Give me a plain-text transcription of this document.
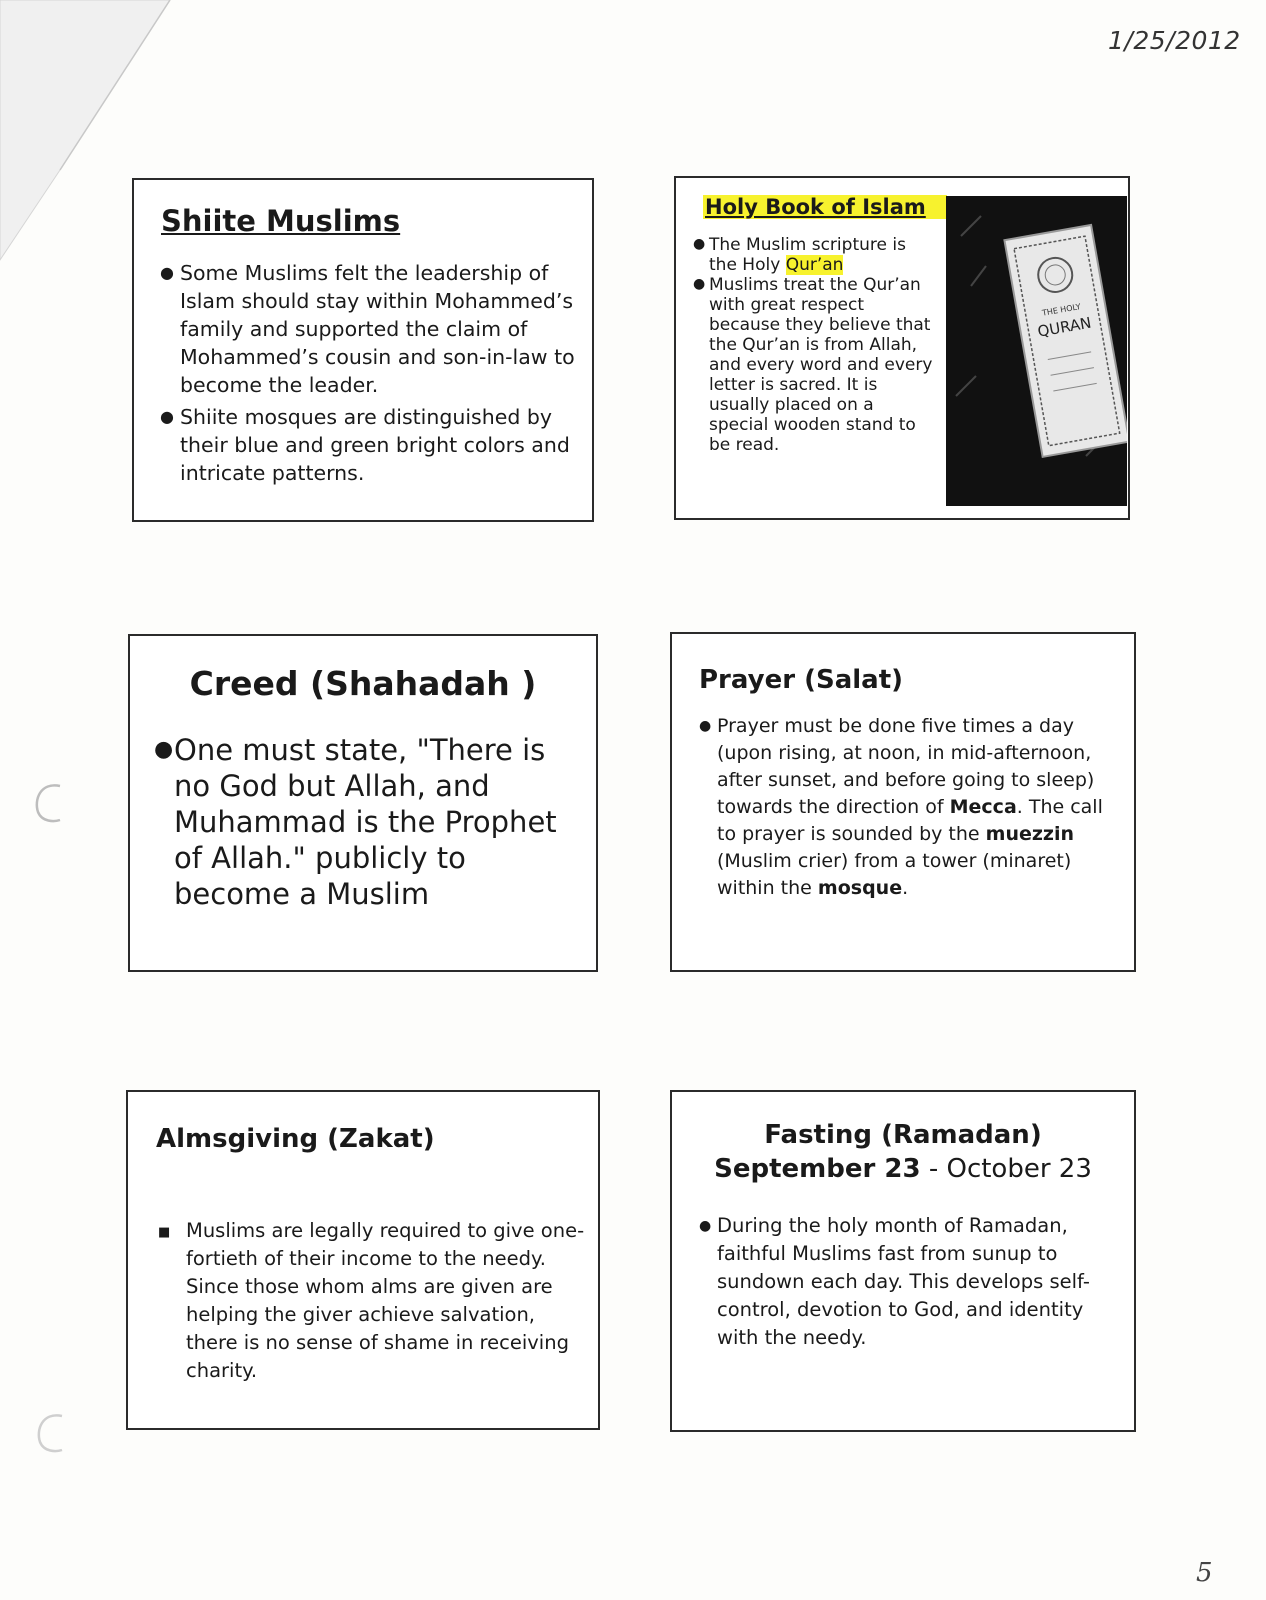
1/25/2012
5
Shiite Muslims
● Some Muslims felt the leadership of Islam should stay within Mohammed’s family and supported the claim of Mohammed’s cousin and son-in-law to become the leader.
● Shiite mosques are distinguished by their blue and green bright colors and intricate patterns.
Holy Book of Islam
● The Muslim scripture is the Holy Qur’an
● Muslims treat the Qur’an with great respect because they believe that the Qur’an is from Allah, and every word and every letter is sacred. It is usually placed on a special wooden stand to be read.
THE HOLY
QURAN
Creed (Shahadah )
● One must state, "There is no God but Allah, and Muhammad is the Prophet of Allah." publicly to become a Muslim
Prayer (Salat)
● Prayer must be done five times a day (upon rising, at noon, in mid-afternoon, after sunset, and before going to sleep) towards the direction of Mecca. The call to prayer is sounded by the muezzin (Muslim crier) from a tower (minaret) within the mosque.
Almsgiving (Zakat)
■ Muslims are legally required to give one-fortieth of their income to the needy. Since those whom alms are given are helping the giver achieve salvation, there is no sense of shame in receiving charity.
Fasting (Ramadan)
September 23 - October 23
● During the holy month of Ramadan, faithful Muslims fast from sunup to sundown each day. This develops self-control, devotion to God, and identity with the needy.
